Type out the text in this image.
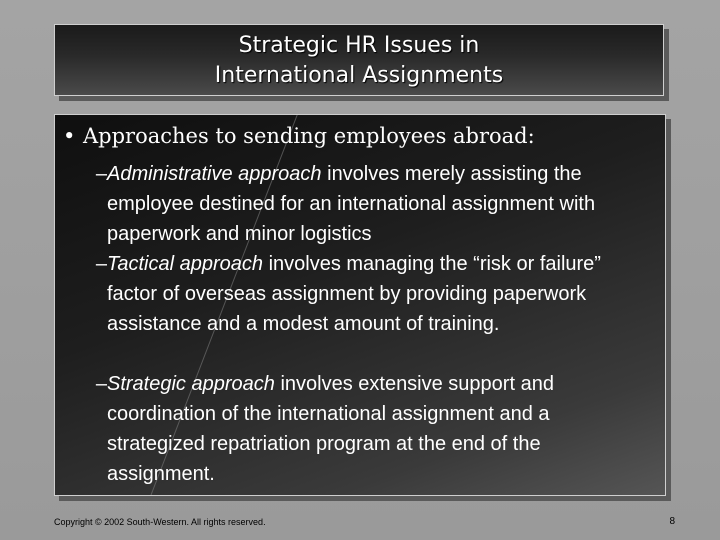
Strategic HR Issues in
International Assignments
• Approaches to sending employees abroad:
–Administrative approach involves merely assisting the employee destined for an international assignment with paperwork and minor logistics
–Tactical approach involves managing the “risk or failure” factor of overseas assignment by providing paperwork assistance and a modest amount of training.
–Strategic approach involves extensive support and coordination of the international assignment and a strategized repatriation program at the end of the assignment.
Copyright © 2002 South-Western. All rights reserved.	8
